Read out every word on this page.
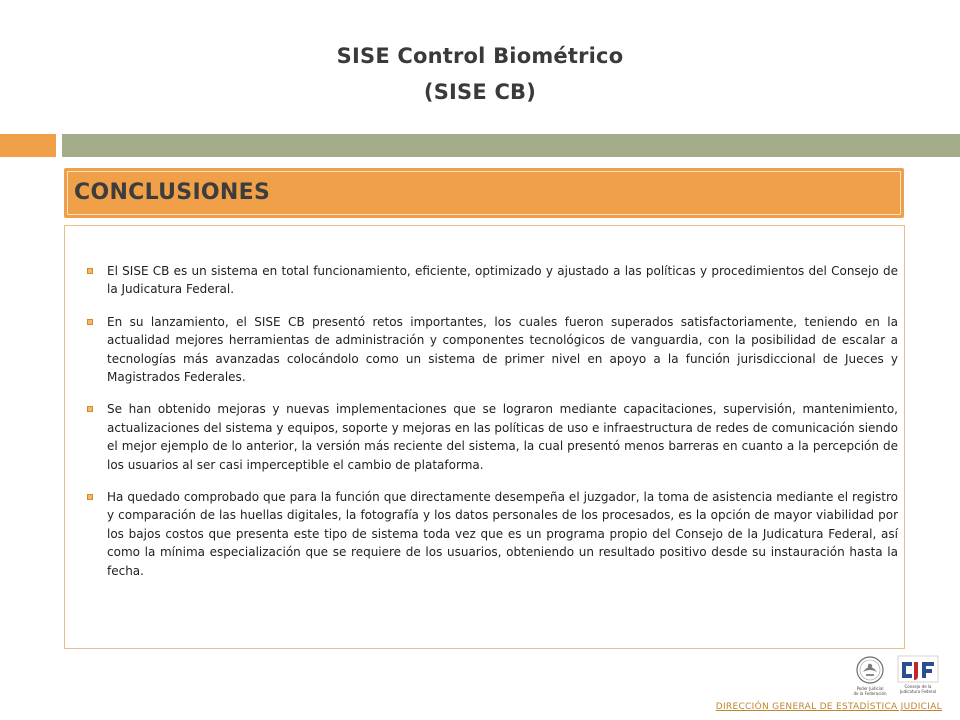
SISE Control Biométrico
(SISE CB)
CONCLUSIONES
El SISE CB es un sistema en total funcionamiento, eficiente, optimizado y ajustado a las políticas y procedimientos del Consejo de la Judicatura Federal.
En su lanzamiento, el SISE CB presentó retos importantes, los cuales fueron superados satisfactoriamente, teniendo en la actualidad mejores herramientas de administración y componentes tecnológicos de vanguardia, con la posibilidad de escalar a tecnologías más avanzadas colocándolo como un sistema de primer nivel en apoyo a la función jurisdiccional de Jueces y Magistrados Federales.
Se han obtenido mejoras y nuevas implementaciones que se lograron mediante capacitaciones, supervisión, mantenimiento, actualizaciones del sistema y equipos, soporte y mejoras en las políticas de uso e infraestructura de redes de comunicación siendo el mejor ejemplo de lo anterior, la versión más reciente del sistema, la cual presentó menos barreras en cuanto a la percepción de los usuarios al ser casi imperceptible el cambio de plataforma.
Ha quedado comprobado que para la función que directamente desempeña el juzgador, la toma de asistencia mediante el registro y comparación de las huellas digitales, la fotografía y los datos personales de los procesados, es la opción de mayor viabilidad por los bajos costos que presenta este tipo de sistema toda vez que es un programa propio del Consejo de la Judicatura Federal, así como la mínima especialización que se requiere de los usuarios, obteniendo un resultado positivo desde su instauración hasta la fecha.
Poder Judicial
de la Federación
Consejo de la Judicatura Federal
DIRECCIÓN GENERAL DE ESTADÍSTICA JUDICIAL
